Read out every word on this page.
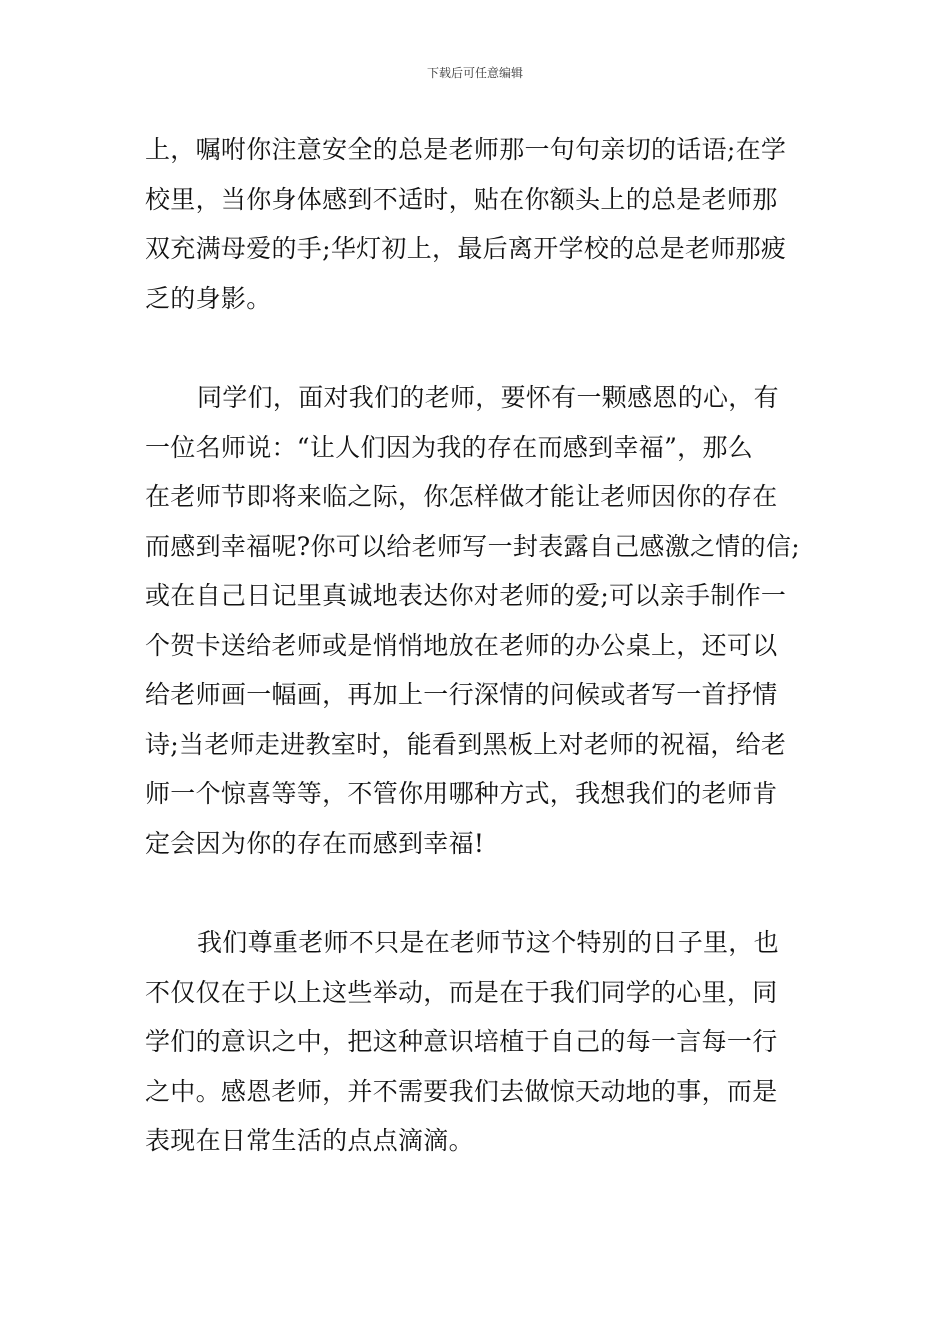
下载后可任意编辑
上，嘱咐你注意安全的总是老师那一句句亲切的话语;在学
校里，当你身体感到不适时，贴在你额头上的总是老师那
双充满母爱的手;华灯初上，最后离开学校的总是老师那疲
乏的身影。
同学们，面对我们的老师，要怀有一颗感恩的心，有
一位名师说：“让人们因为我的存在而感到幸福”，那么
在老师节即将来临之际，你怎样做才能让老师因你的存在
而感到幸福呢?你可以给老师写一封表露自己感激之情的信;
或在自己日记里真诚地表达你对老师的爱;可以亲手制作一
个贺卡送给老师或是悄悄地放在老师的办公桌上，还可以
给老师画一幅画，再加上一行深情的问候或者写一首抒情
诗;当老师走进教室时，能看到黑板上对老师的祝福，给老
师一个惊喜等等，不管你用哪种方式，我想我们的老师肯
定会因为你的存在而感到幸福!
我们尊重老师不只是在老师节这个特别的日子里，也
不仅仅在于以上这些举动，而是在于我们同学的心里，同
学们的意识之中，把这种意识培植于自己的每一言每一行
之中。感恩老师，并不需要我们去做惊天动地的事，而是
表现在日常生活的点点滴滴。
